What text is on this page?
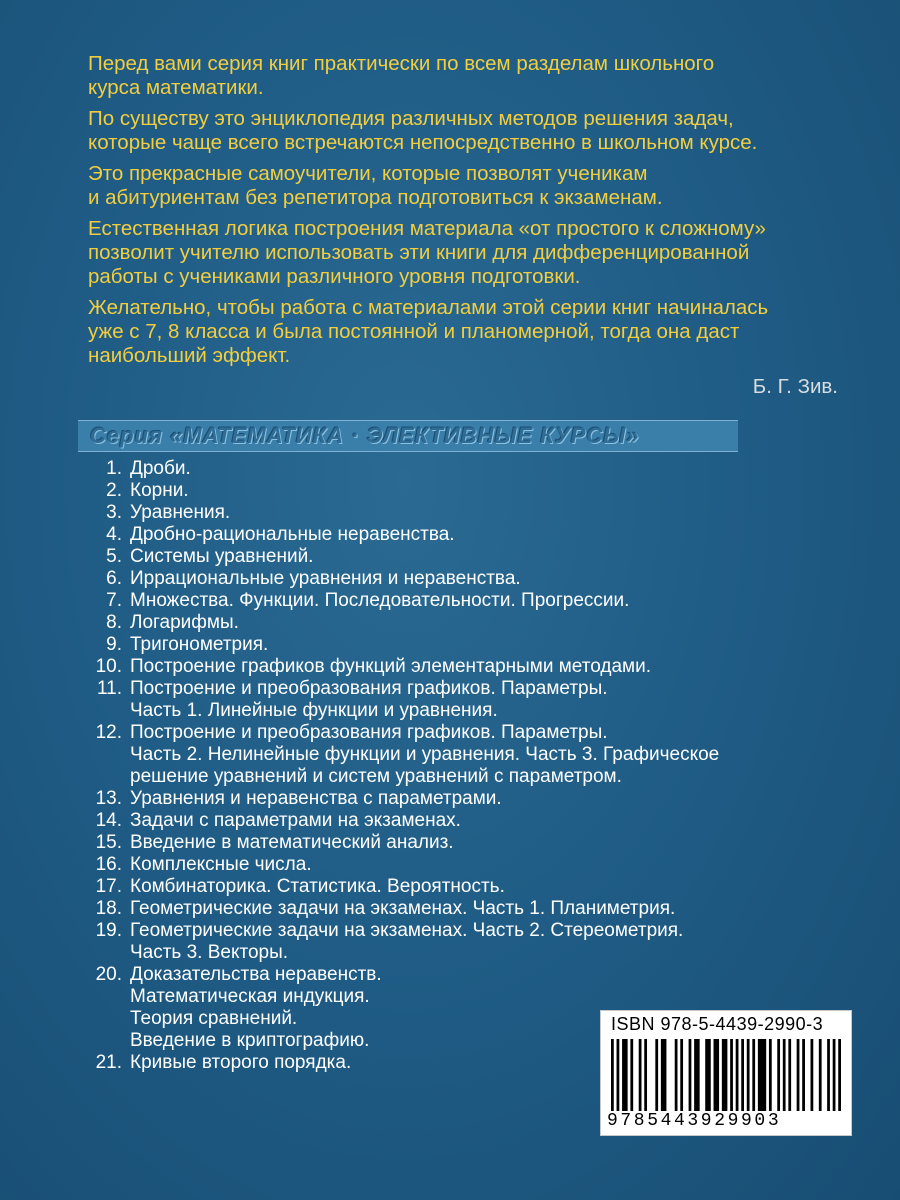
Перед вами серия книг практически по всем разделам школьного
курса математики.

По существу это энциклопедия различных методов решения задач,
которые чаще всего встречаются непосредственно в школьном курсе.

Это прекрасные самоучители, которые позволят ученикам
и абитуриентам без репетитора подготовиться к экзаменам.

Естественная логика построения материала «от простого к сложному»
позволит учителю использовать эти книги для дифференцированной
работы с учениками различного уровня подготовки.

Желательно, чтобы работа с материалами этой серии книг начиналась
уже с 7, 8 класса и была постоянной и планомерной, тогда она даст
наибольший эффект.

Б. Г. Зив.

Серия «МАТЕМАТИКА · ЭЛЕКТИВНЫЕ КУРСЫ»
1. Дроби.
2. Корни.
3. Уравнения.
4. Дробно-рациональные неравенства.
5. Системы уравнений.
6. Иррациональные уравнения и неравенства.
7. Множества. Функции. Последовательности. Прогрессии.
8. Логарифмы.
9. Тригонометрия.
10. Построение графиков функций элементарными методами.
11. Построение и преобразования графиков. Параметры.
Часть 1. Линейные функции и уравнения.
12. Построение и преобразования графиков. Параметры.
Часть 2. Нелинейные функции и уравнения. Часть 3. Графическое
решение уравнений и систем уравнений с параметром.
13. Уравнения и неравенства с параметрами.
14. Задачи с параметрами на экзаменах.
15. Введение в математический анализ.
16. Комплексные числа.
17. Комбинаторика. Статистика. Вероятность.
18. Геометрические задачи на экзаменах. Часть 1. Планиметрия.
19. Геометрические задачи на экзаменах. Часть 2. Стереометрия.
Часть 3. Векторы.
20. Доказательства неравенств.
Математическая индукция.
Теория сравнений.
Введение в криптографию.
21. Кривые второго порядка.
ISBN 978-5-4439-2990-3
9785443929903
